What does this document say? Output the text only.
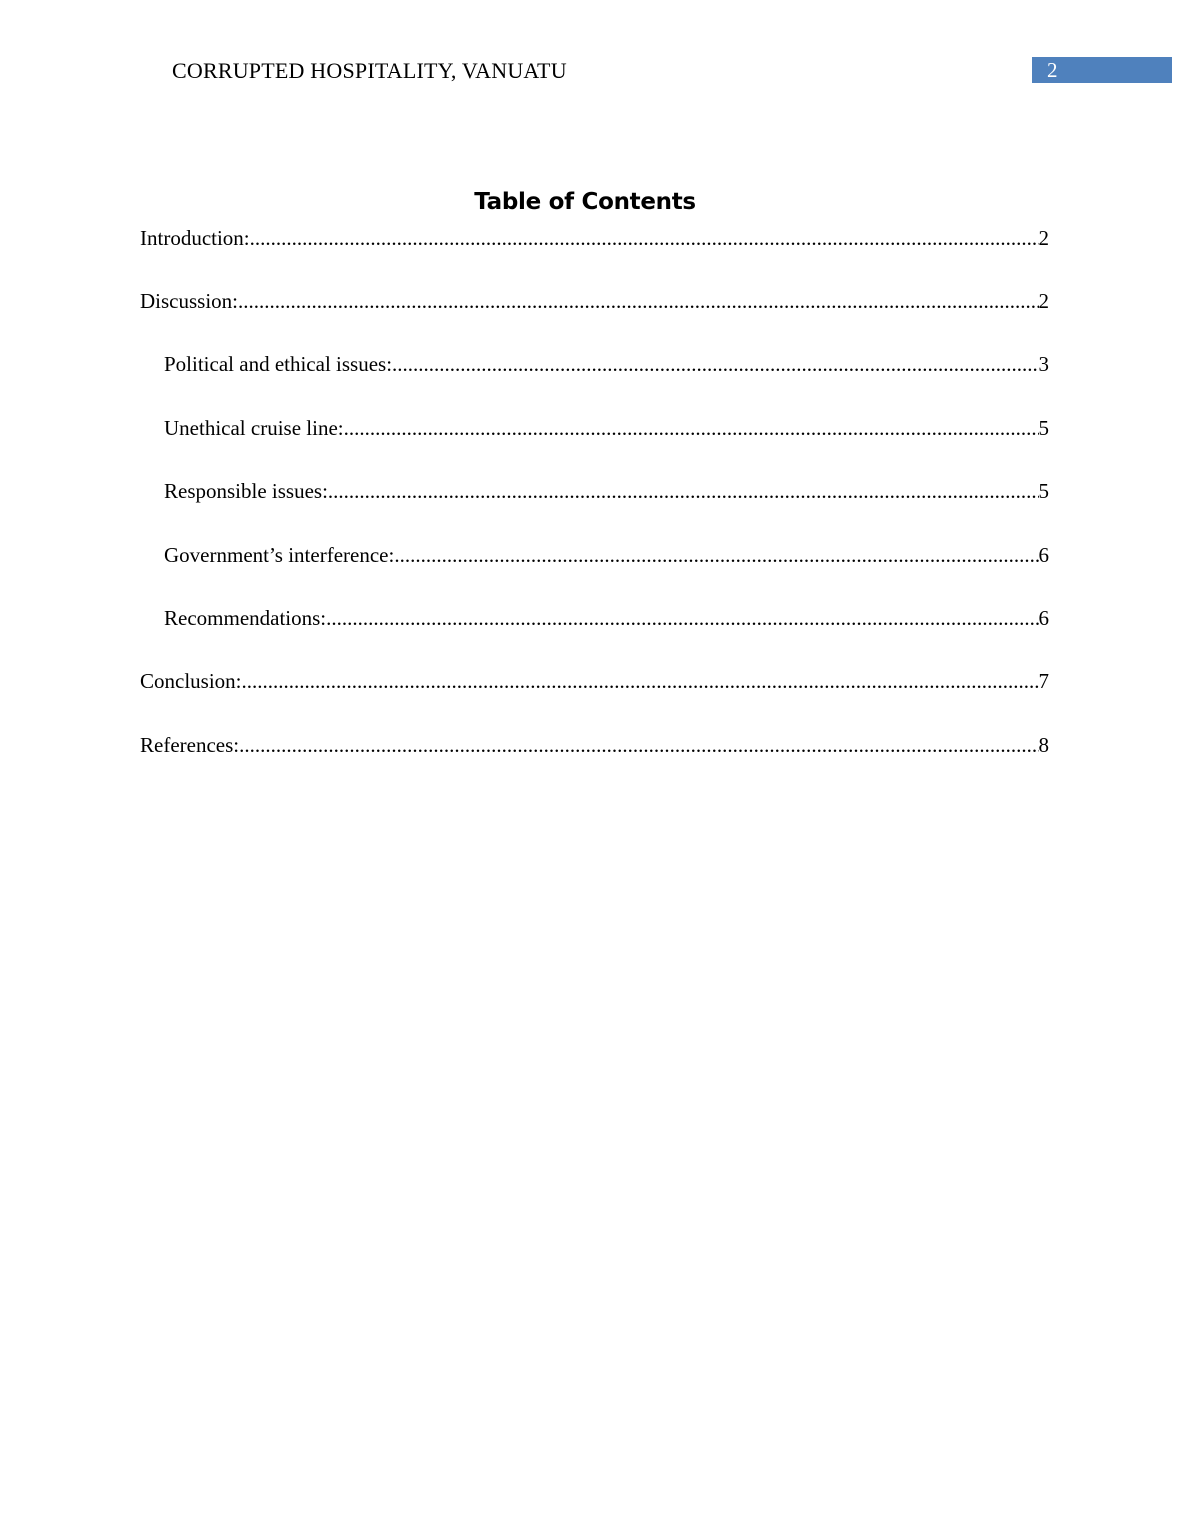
CORRUPTED HOSPITALITY, VANUATU	2
Table of Contents
Introduction: .....	2
Discussion: .....	2
Political and ethical issues: .....	3
Unethical cruise line: .....	5
Responsible issues: .....	5
Government’s interference: .....	6
Recommendations: .....	6
Conclusion: .....	7
References: .....	8
